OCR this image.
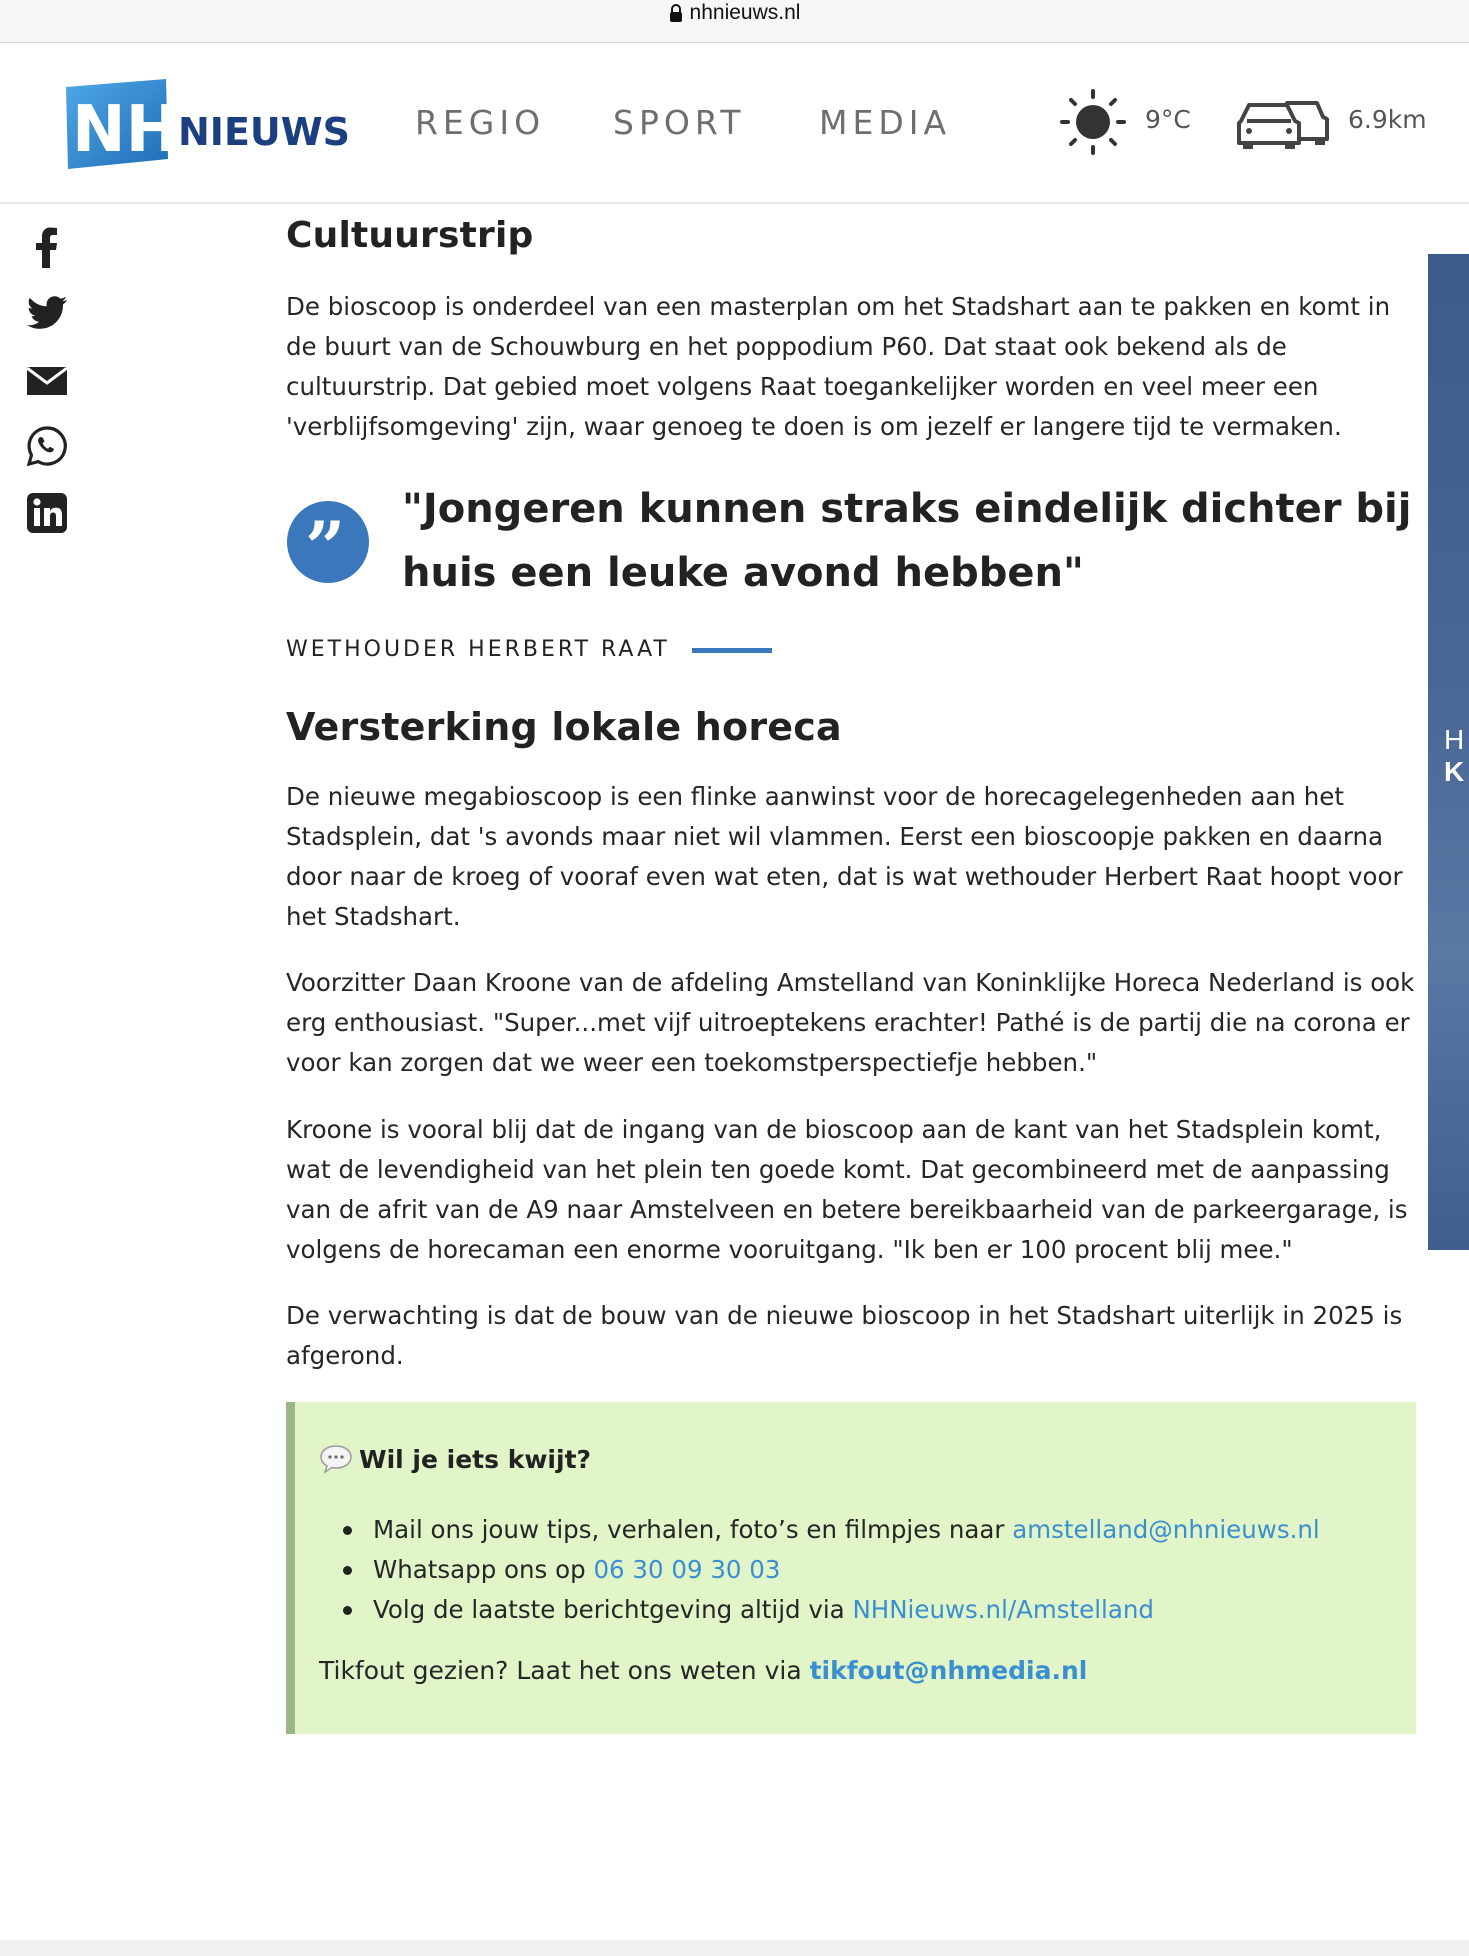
nhnieuws.nl
NH
NIEUWS REGIO SPORT MEDIA	9°C	6.9km
H
K
Cultuurstrip
De bioscoop is onderdeel van een masterplan om het Stadshart aan te pakken en komt in de buurt van de Schouwburg en het poppodium P60. Dat staat ook bekend als de cultuurstrip. Dat gebied moet volgens Raat toegankelijker worden en veel meer een 'verblijfsomgeving' zijn, waar genoeg te doen is om jezelf er langere tijd te vermaken.
” "Jongeren kunnen straks eindelijk dichter bij huis een leuke avond hebben"
WETHOUDER HERBERT RAAT
Versterking lokale horeca
De nieuwe megabioscoop is een flinke aanwinst voor de horecagelegenheden aan het Stadsplein, dat 's avonds maar niet wil vlammen. Eerst een bioscoopje pakken en daarna door naar de kroeg of vooraf even wat eten, dat is wat wethouder Herbert Raat hoopt voor het Stadshart.
Voorzitter Daan Kroone van de afdeling Amstelland van Koninklijke Horeca Nederland is ook erg enthousiast. "Super...met vijf uitroeptekens erachter! Pathé is de partij die na corona er voor kan zorgen dat we weer een toekomstperspectiefje hebben."
Kroone is vooral blij dat de ingang van de bioscoop aan de kant van het Stadsplein komt, wat de levendigheid van het plein ten goede komt. Dat gecombineerd met de aanpassing van de afrit van de A9 naar Amstelveen en betere bereikbaarheid van de parkeergarage, is volgens de horecaman een enorme vooruitgang. "Ik ben er 100 procent blij mee."
De verwachting is dat de bouw van de nieuwe bioscoop in het Stadshart uiterlijk in 2025 is afgerond.
Wil je iets kwijt?
Mail ons jouw tips, verhalen, foto’s en filmpjes naar amstelland@nhnieuws.nl
Whatsapp ons op 06 30 09 30 03
Volg de laatste berichtgeving altijd via NHNieuws.nl/Amstelland
Tikfout gezien? Laat het ons weten via tikfout@nhmedia.nl
